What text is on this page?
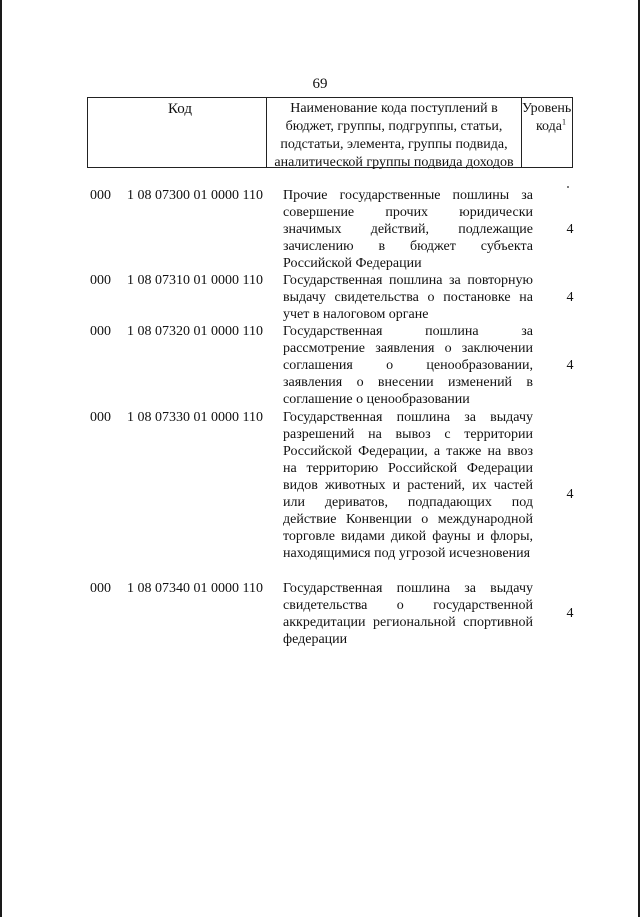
69
Код	Наименование кода поступлений в бюджет, группы, подгруппы, статьи, подстатьи, элемента, группы подвида, аналитической группы подвида доходов
Уровень кода$^1$
000 1 08 07300 01 0000 110 Прочие государственные пошлины за совершение прочих юридически значимых действий, подлежащие зачислению в бюджет субъекта Российской Федерации
4
000 1 08 07310 01 0000 110 Государственная пошлина за повторную выдачу свидетельства о постановке на учет в налоговом органе
4
000 1 08 07320 01 0000 110 Государственная пошлина за рассмотрение заявления о заключении соглашения о ценообразовании, заявления о внесении изменений в соглашение о ценообразовании
4
000 1 08 07330 01 0000 110 Государственная пошлина за выдачу разрешений на вывоз с территории Российской Федерации, а также на ввоз на территорию Российской Федерации видов животных и растений, их частей или дериватов, подпадающих под действие Конвенции о международной торговле видами дикой фауны и флоры, находящимися под угрозой исчезновения
4
000 1 08 07340 01 0000 110 Государственная пошлина за выдачу свидетельства о государственной аккредитации региональной спортивной федерации
4
